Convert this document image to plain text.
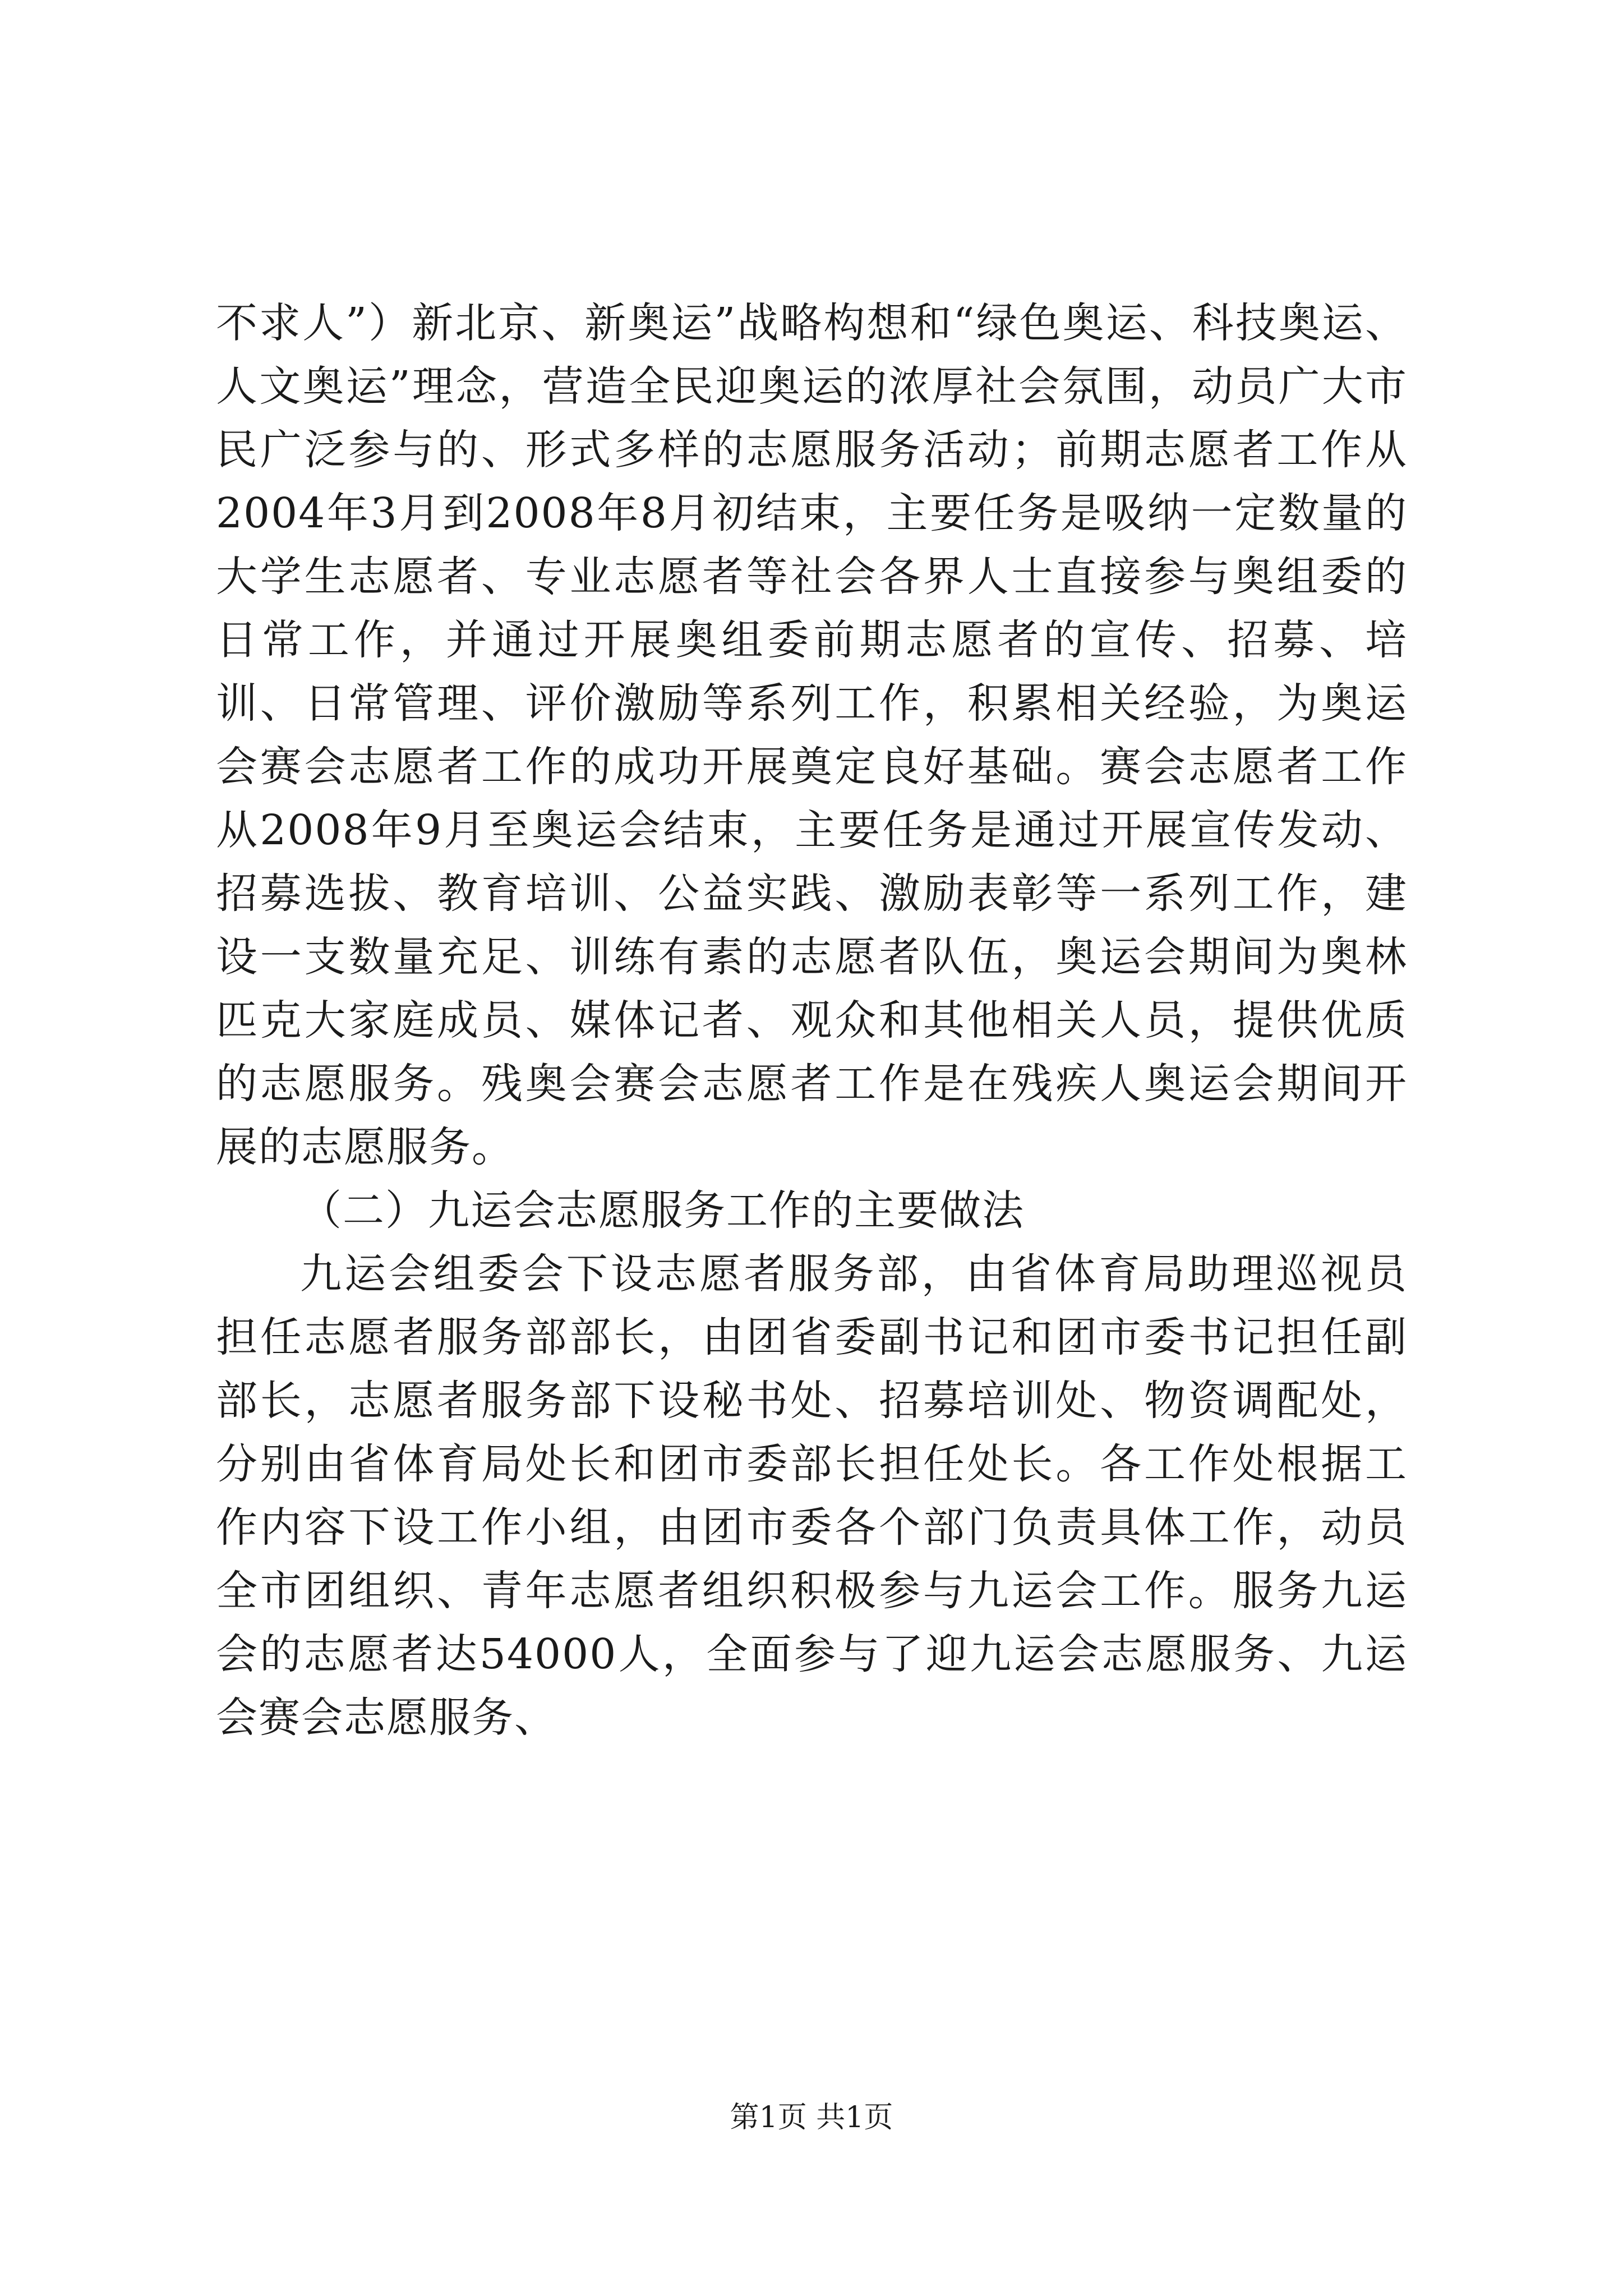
不求人”）新北京、新奥运”战略构想和“绿色奥运、科技奥运、人文奥运”理念，营造全民迎奥运的浓厚社会氛围，动员广大市民广泛参与的、形式多样的志愿服务活动；前期志愿者工作从2004年3月到2008年8月初结束，主要任务是吸纳一定数量的大学生志愿者、专业志愿者等社会各界人士直接参与奥组委的日常工作，并通过开展奥组委前期志愿者的宣传、招募、培训、日常管理、评价激励等系列工作，积累相关经验，为奥运会赛会志愿者工作的成功开展奠定良好基础。赛会志愿者工作从2008年9月至奥运会结束，主要任务是通过开展宣传发动、招募选拔、教育培训、公益实践、激励表彰等一系列工作，建设一支数量充足、训练有素的志愿者队伍，奥运会期间为奥林匹克大家庭成员、媒体记者、观众和其他相关人员，提供优质的志愿服务。残奥会赛会志愿者工作是在残疾人奥运会期间开展的志愿服务。

（二）九运会志愿服务工作的主要做法

九运会组委会下设志愿者服务部，由省体育局助理巡视员担任志愿者服务部部长，由团省委副书记和团市委书记担任副部长，志愿者服务部下设秘书处、招募培训处、物资调配处，分别由省体育局处长和团市委部长担任处长。各工作处根据工作内容下设工作小组，由团市委各个部门负责具体工作，动员全市团组织、青年志愿者组织积极参与九运会工作。服务九运会的志愿者达54000人，全面参与了迎九运会志愿服务、九运会赛会志愿服务、

第1页 共1页
